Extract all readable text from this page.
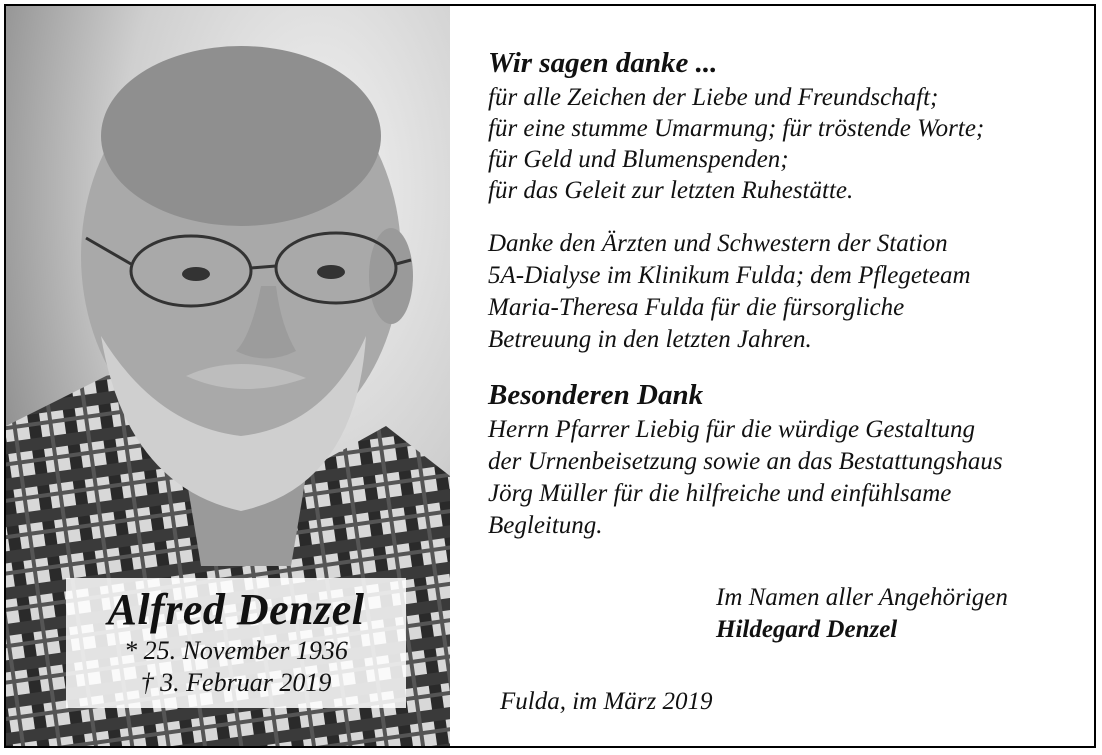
Alfred Denzel
* 25. November 1936
† 3. Februar 2019
Wir sagen danke ...
für alle Zeichen der Liebe und Freundschaft;
für eine stumme Umarmung; für tröstende Worte;
für Geld und Blumenspenden;
für das Geleit zur letzten Ruhestätte.
Danke den Ärzten und Schwestern der Station
5A-Dialyse im Klinikum Fulda; dem Pflegeteam
Maria-Theresa Fulda für die fürsorgliche
Betreuung in den letzten Jahren.
Besonderen Dank
Herrn Pfarrer Liebig für die würdige Gestaltung
der Urnenbeisetzung sowie an das Bestattungshaus
Jörg Müller für die hilfreiche und einfühlsame
Begleitung.
Im Namen aller Angehörigen
Hildegard Denzel
Fulda, im März 2019
